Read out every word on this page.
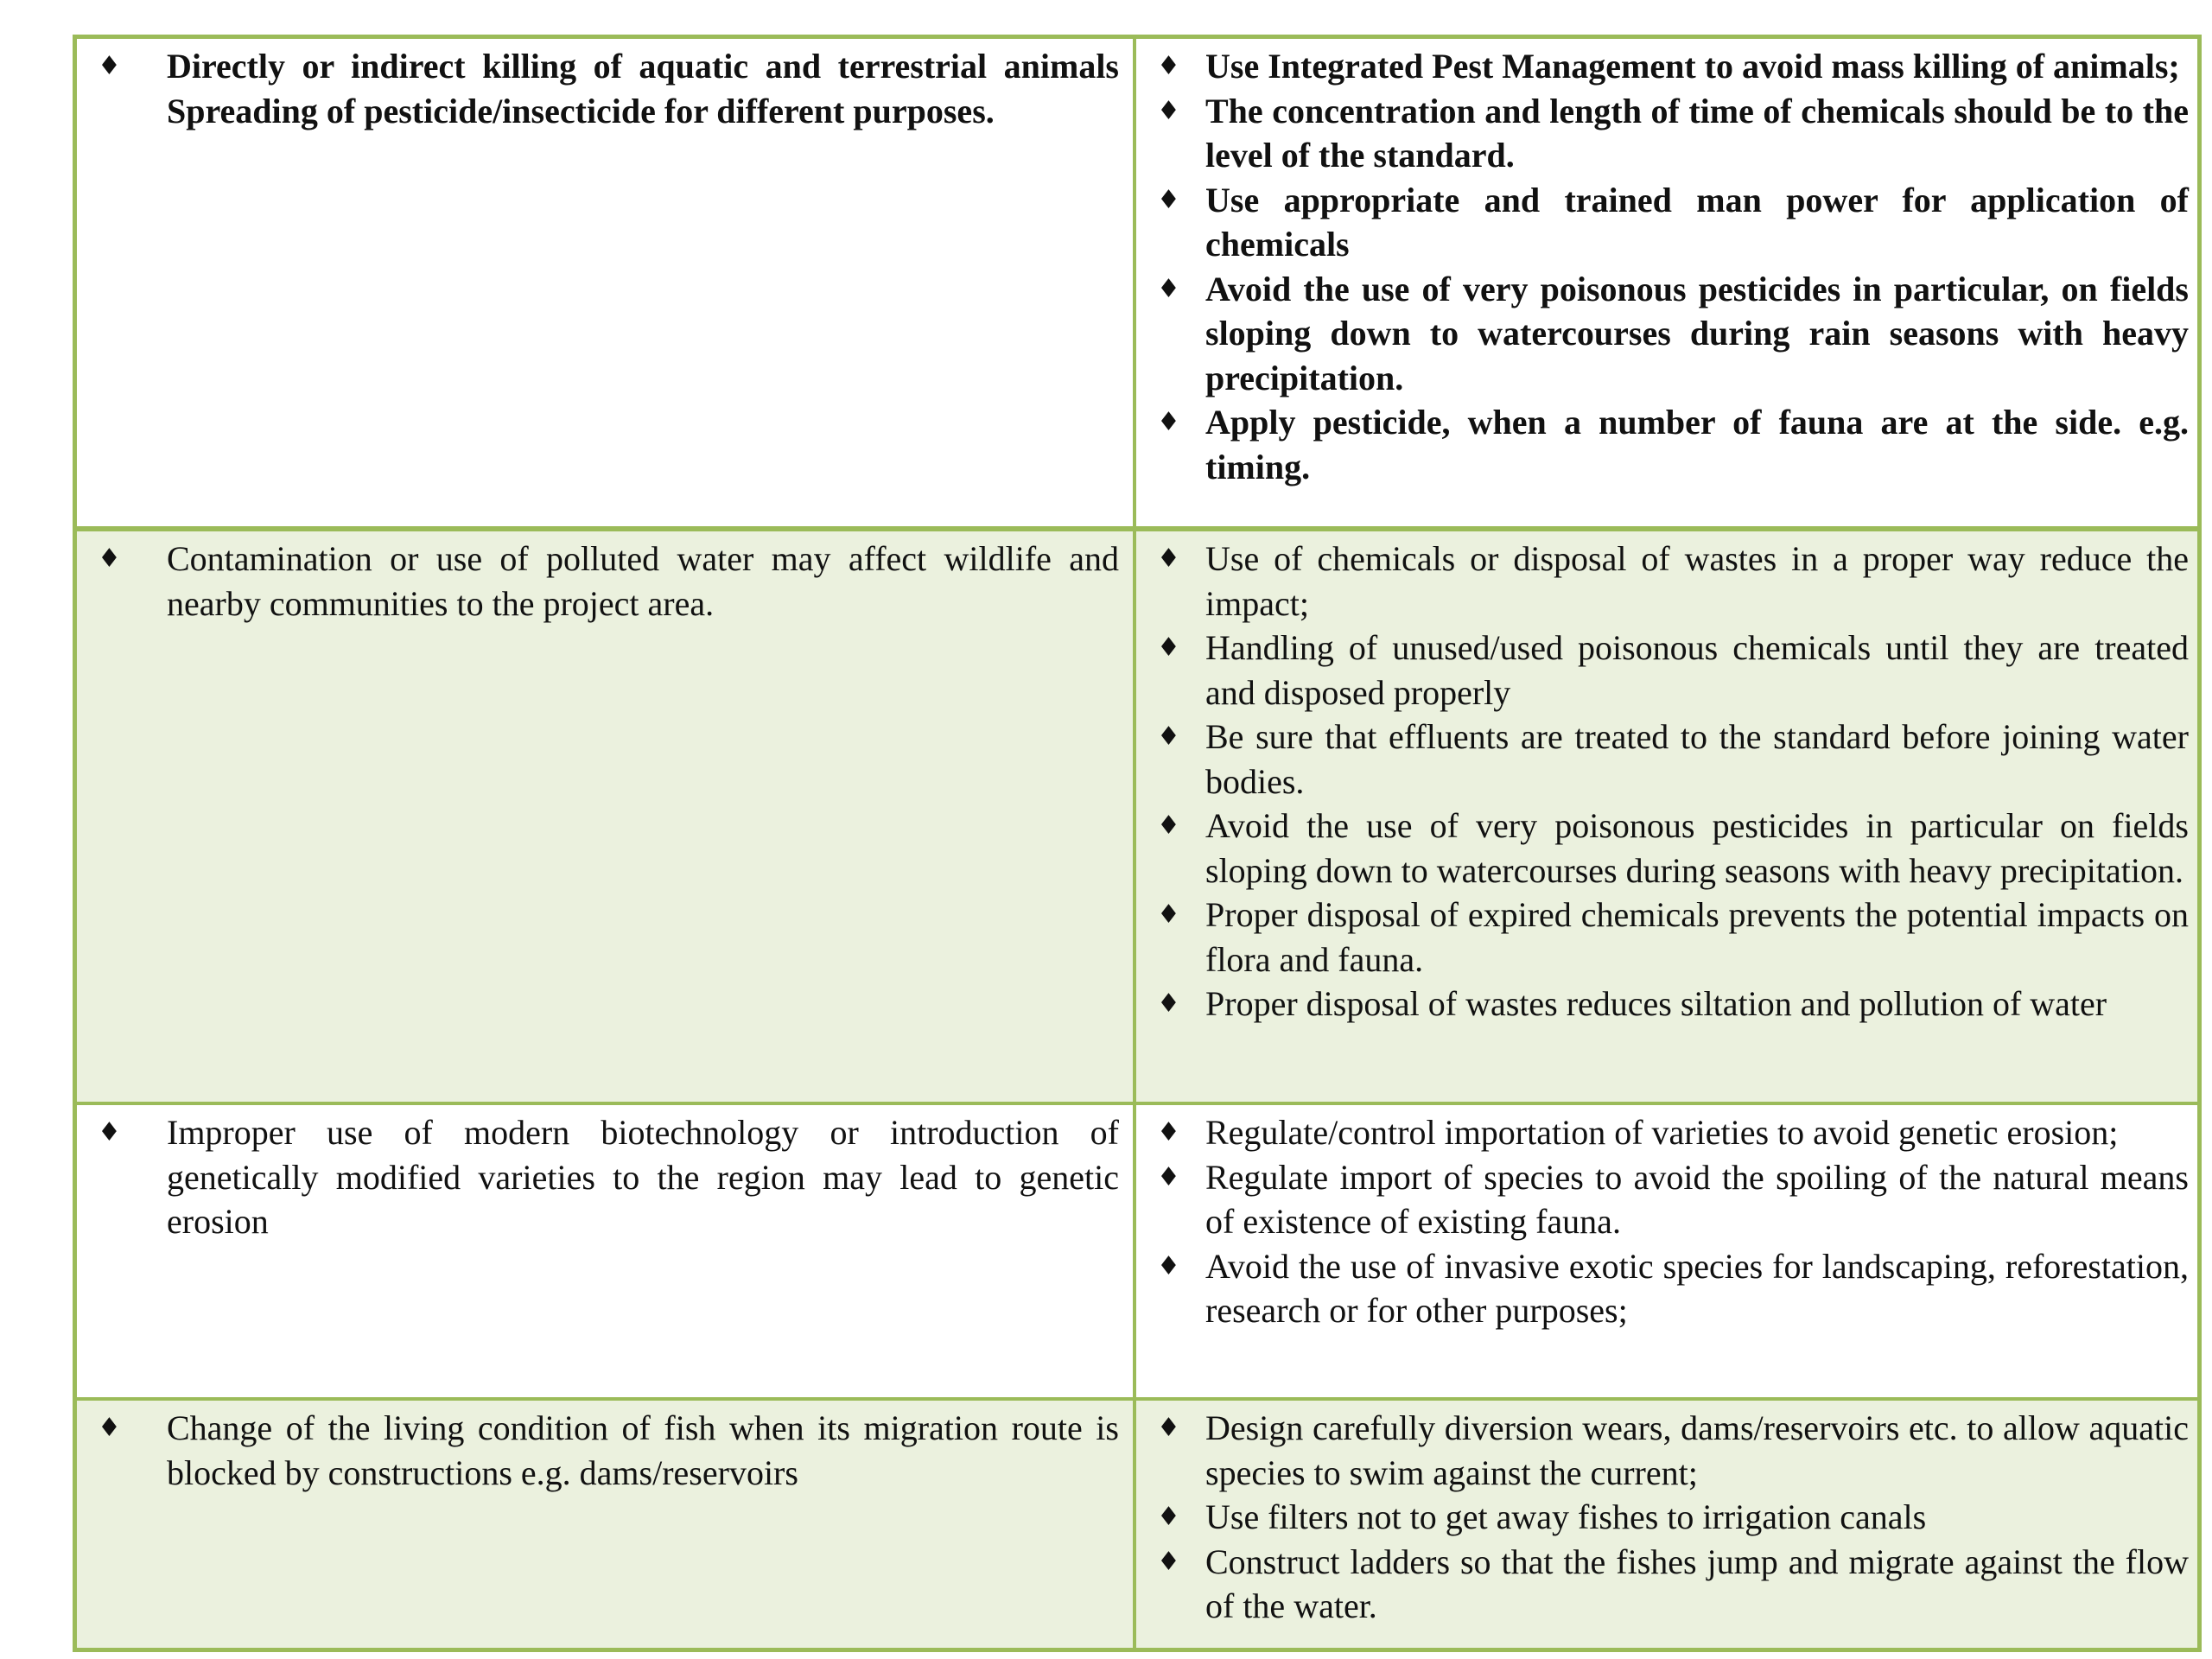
♦	Directly or indirect killing of aquatic and terrestrial animals Spreading of pesticide/insecticide for different purposes.
♦ Use Integrated Pest Management to avoid mass killing of animals;
♦ The concentration and length of time of chemicals should be to the level of the standard.
♦ Use appropriate and trained man power for application of chemicals
♦ Avoid the use of very poisonous pesticides in particular, on fields sloping down to watercourses during rain seasons with heavy precipitation.
♦ Apply pesticide, when a number of fauna are at the side. e.g. timing.
♦	Contamination or use of polluted water may affect wildlife and nearby communities to the project area.
♦ Use of chemicals or disposal of wastes in a proper way reduce the impact;
♦ Handling of unused/used poisonous chemicals until they are treated and disposed properly
♦ Be sure that effluents are treated to the standard before joining water bodies.
♦ Avoid the use of very poisonous pesticides in particular on fields sloping down to watercourses during seasons with heavy precipitation.
♦ Proper disposal of expired chemicals prevents the potential impacts on flora and fauna.
♦ Proper disposal of wastes reduces siltation and pollution of water
♦	Improper use of modern biotechnology or introduction of genetically modified varieties to the region may lead to genetic erosion
♦ Regulate/control importation of varieties to avoid genetic erosion;
♦ Regulate import of species to avoid the spoiling of the natural means of existence of existing fauna.
♦ Avoid the use of invasive exotic species for landscaping, reforestation, research or for other purposes;
♦	Change of the living condition of fish when its migration route is blocked by constructions e.g. dams/reservoirs
♦ Design carefully diversion wears, dams/reservoirs etc. to allow aquatic species to swim against the current;
♦ Use filters not to get away fishes to irrigation canals
♦ Construct ladders so that the fishes jump and migrate against the flow of the water.
